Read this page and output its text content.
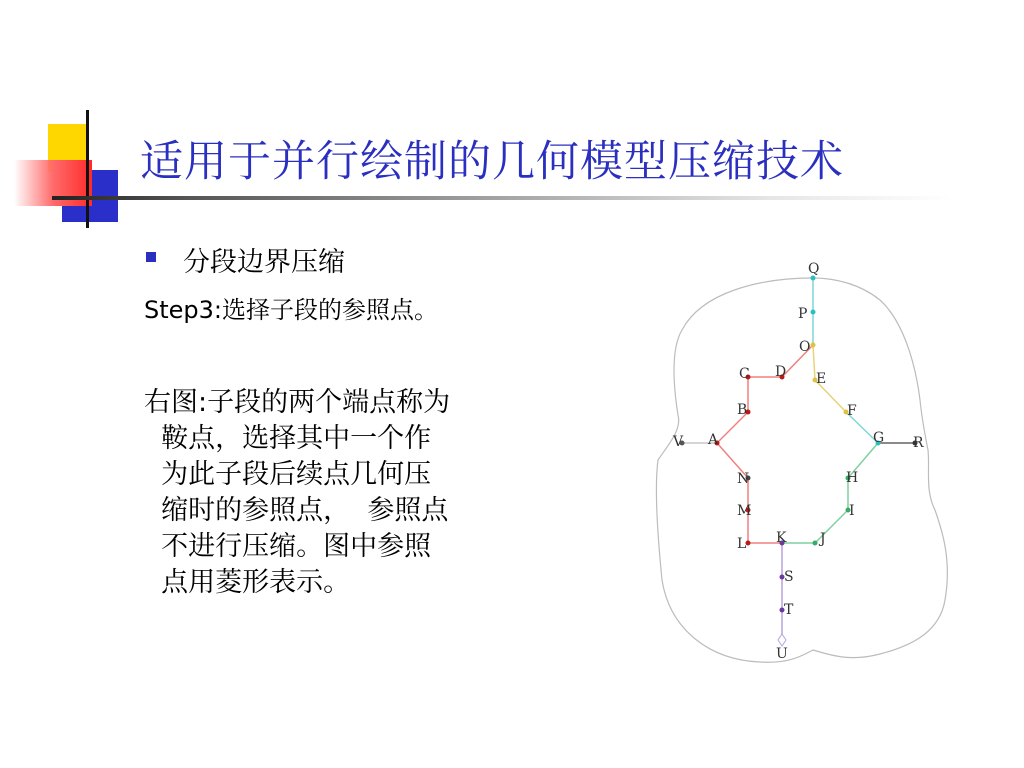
适用于并行绘制的几何模型压缩技术
分段边界压缩
Step3:选择子段的参照点。
右图:子段的两个端点称为
鞍点，选择其中一个作
为此子段后续点几何压
缩时的参照点，  参照点
不进行压缩。图中参照
点用菱形表示。
Q
P
O
C D E
B	F
V A	G R
N	H
M	I
L K J
S
T
U
